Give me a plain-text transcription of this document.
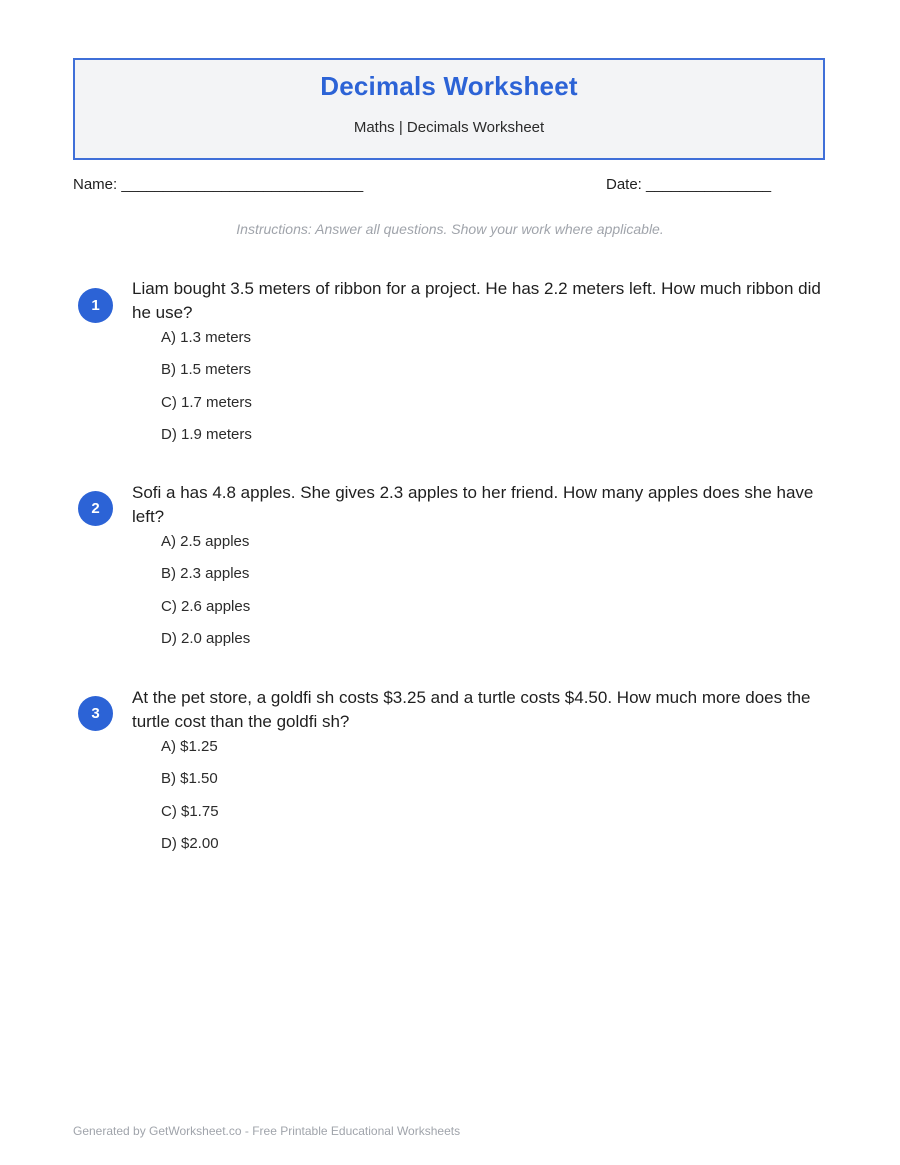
Decimals Worksheet
Maths | Decimals Worksheet
Name: _____________________________	Date: _______________
Instructions: Answer all questions. Show your work where applicable.
1
Liam bought 3.5 meters of ribbon for a project. He has 2.2 meters left. How much ribbon did he use?
A) 1.3 meters
B) 1.5 meters
C) 1.7 meters
D) 1.9 meters
2
Sofi a has 4.8 apples. She gives 2.3 apples to her friend. How many apples does she have left?
A) 2.5 apples
B) 2.3 apples
C) 2.6 apples
D) 2.0 apples
3
At the pet store, a goldfi sh costs $3.25 and a turtle costs $4.50. How much more does the turtle cost than the goldfi sh?
A) $1.25
B) $1.50
C) $1.75
D) $2.00
Generated by GetWorksheet.co - Free Printable Educational Worksheets
